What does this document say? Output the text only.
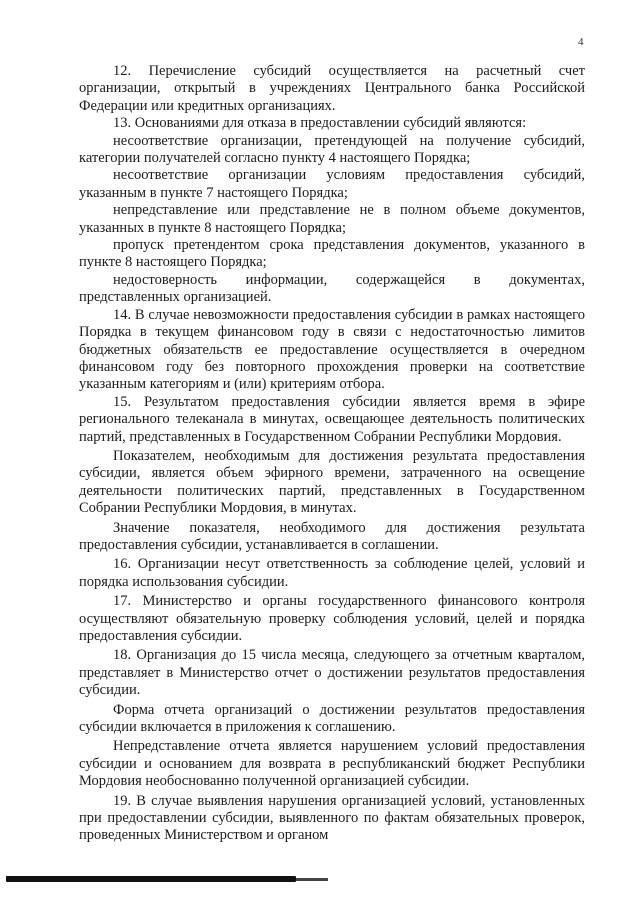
4

12. Перечисление субсидий осуществляется на расчетный счет организации, открытый в учреждениях Центрального банка Российской Федерации или кредитных организациях.

13. Основаниями для отказа в предоставлении субсидий являются:

несоответствие организации, претендующей на получение субсидий, категории получателей согласно пункту 4 настоящего Порядка;

несоответствие организации условиям предоставления субсидий, указанным в пункте 7 настоящего Порядка;

непредставление или представление не в полном объеме документов, указанных в пункте 8 настоящего Порядка;

пропуск претендентом срока представления документов, указанного в пункте 8 настоящего Порядка;

недостоверность информации, содержащейся в документах, представленных организацией.

14. В случае невозможности предоставления субсидии в рамках настоящего Порядка в текущем финансовом году в связи с недостаточностью лимитов бюджетных обязательств ее предоставление осуществляется в очередном финансовом году без повторного прохождения проверки на соответствие указанным категориям и (или) критериям отбора.

15. Результатом предоставления субсидии является время в эфире регионального телеканала в минутах, освещающее деятельность политических партий, представленных в Государственном Собрании Республики Мордовия.

Показателем, необходимым для достижения результата предоставления субсидии, является объем эфирного времени, затраченного на освещение деятельности политических партий, представленных в Государственном Собрании Республики Мордовия, в минутах.

Значение показателя, необходимого для достижения результата предоставления субсидии, устанавливается в соглашении.

16. Организации несут ответственность за соблюдение целей, условий и порядка использования субсидии.

17. Министерство и органы государственного финансового контроля осуществляют обязательную проверку соблюдения условий, целей и порядка предоставления субсидии.

18. Организация до 15 числа месяца, следующего за отчетным кварталом, представляет в Министерство отчет о достижении результатов предоставления субсидии.

Форма отчета организаций о достижении результатов предоставления субсидии включается в приложения к соглашению.

Непредставление отчета является нарушением условий предоставления субсидии и основанием для возврата в республиканский бюджет Республики Мордовия необоснованно полученной организацией субсидии.

19. В случае выявления нарушения организацией условий, установленных при предоставлении субсидии, выявленного по фактам обязательных проверок, проведенных Министерством и органом
